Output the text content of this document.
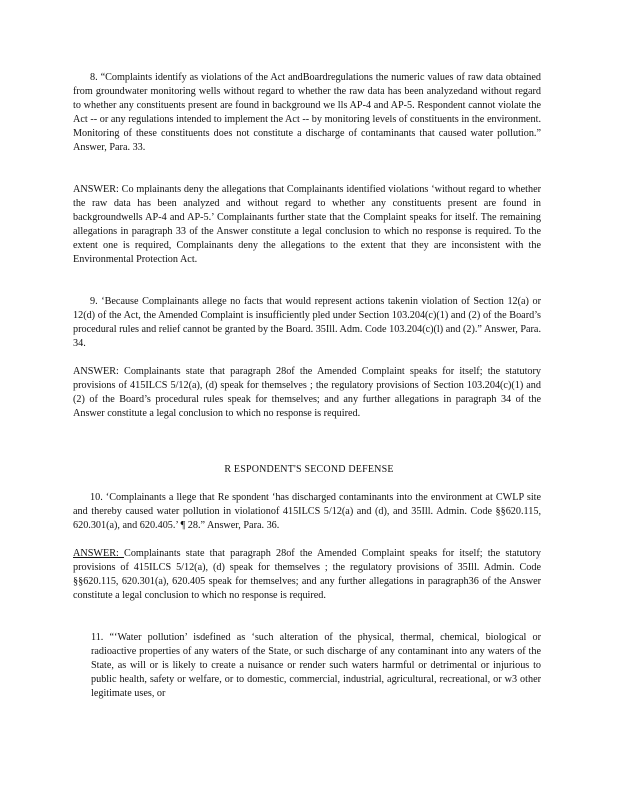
8. “Complaints identify as violations of the Act andBoardregulations the numeric values of raw data obtained from groundwater monitoring wells without regard to whether the raw data has been analyzedand without regard to whether any constituents present are found in background we lls AP-4 and AP-5. Respondent cannot violate the Act -- or any regulations intended to implement the Act -- by monitoring levels of constituents in the environment. Monitoring of these constituents does not constitute a discharge of contaminants that caused water pollution.” Answer, Para. 33.

ANSWER: Co mplainants deny the allegations that Complainants identified violations ‘without regard to whether the raw data has been analyzed and without regard to whether any constituents present are found in backgroundwells AP-4 and AP-5.’ Complainants further state that the Complaint speaks for itself. The remaining allegations in paragraph 33 of the Answer constitute a legal conclusion to which no response is required. To the extent one is required, Complainants deny the allegations to the extent that they are inconsistent with the Environmental Protection Act.

9. ‘Because Complainants allege no facts that would represent actions takenin violation of Section 12(a) or 12(d) of the Act, the Amended Complaint is insufficiently pled under Section 103.204(c)(1) and (2) of the Board’s procedural rules and relief cannot be granted by the Board. 35Ill. Adm. Code 103.204(c)(l) and (2).” Answer, Para. 34.

ANSWER: Complainants state that paragraph 28of the Amended Complaint speaks for itself; the statutory provisions of 415ILCS 5/12(a), (d) speak for themselves ; the regulatory provisions of Section 103.204(c)(1) and (2) of the Board’s procedural rules speak for themselves; and any further allegations in paragraph 34 of the Answer constitute a legal conclusion to which no response is required.

R ESPONDENT'S SECOND DEFENSE

10. ‘Complainants a llege that Re spondent ‘has discharged contaminants into the environment at CWLP site and thereby caused water pollution in violationof 415ILCS 5/12(a) and (d), and 35Ill. Admin. Code §§620.115, 620.301(a), and 620.405.’ ¶ 28.” Answer, Para. 36.

ANSWER: Complainants state that paragraph 28of the Amended Complaint speaks for itself; the statutory provisions of 415ILCS 5/12(a), (d) speak for themselves ; the regulatory provisions of 35Ill. Admin. Code §§620.115, 620.301(a), 620.405 speak for themselves; and any further allegations in paragraph36 of the Answer constitute a legal conclusion to which no response is required.

11. “‘Water pollution’ isdefined as ‘such alteration of the physical, thermal, chemical, biological or radioactive properties of any waters of the State, or such discharge of any contaminant into any waters of the State, as will or is likely to create a nuisance or render such waters harmful or detrimental or injurious to public health, safety or welfare, or to domestic, commercial, industrial, agricultural, recreational, or w3 other legitimate uses, or
